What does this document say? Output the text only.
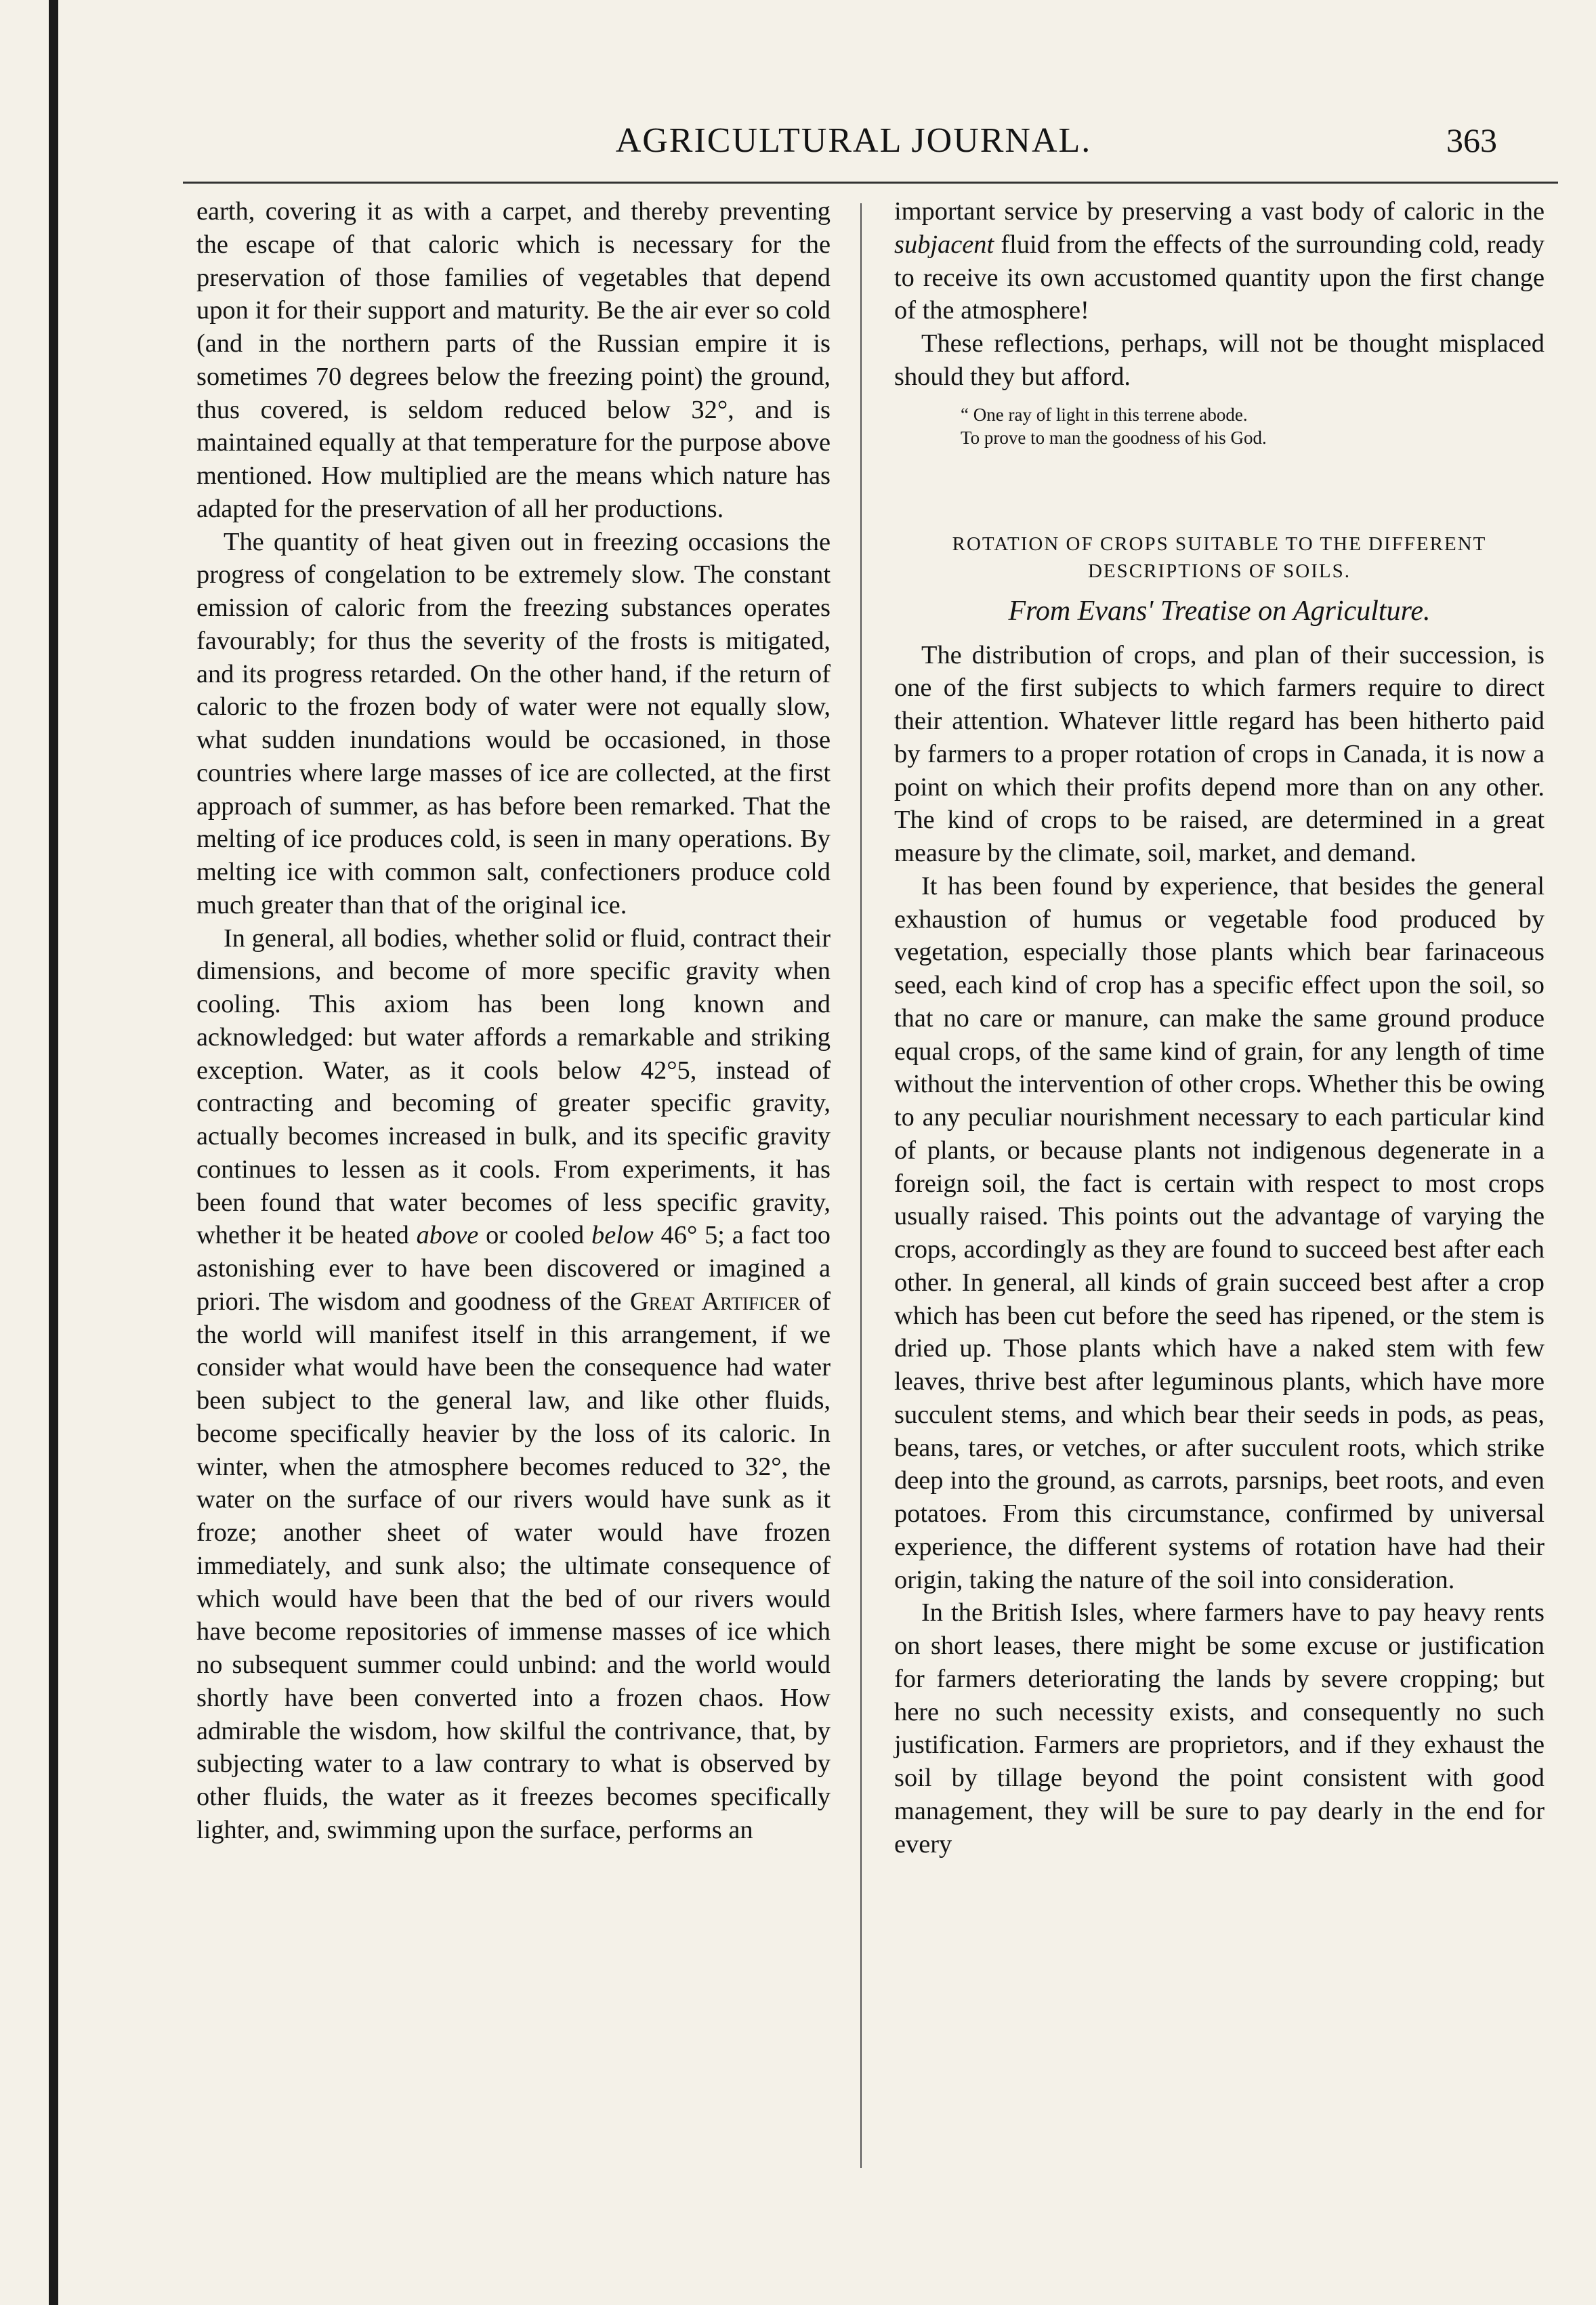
AGRICULTURAL JOURNAL.	363

earth, covering it as with a carpet, and thereby preventing the escape of that caloric which is necessary for the preservation of those families of vegetables that depend upon it for their support and maturity. Be the air ever so cold (and in the northern parts of the Russian empire it is sometimes 70 degrees below the freezing point) the ground, thus covered, is seldom reduced below 32°, and is maintained equally at that temperature for the purpose above mentioned. How multiplied are the means which nature has adapted for the preservation of all her productions.

The quantity of heat given out in freezing occasions the progress of congelation to be extremely slow. The constant emission of caloric from the freezing substances operates favourably; for thus the severity of the frosts is mitigated, and its progress retarded. On the other hand, if the return of caloric to the frozen body of water were not equally slow, what sudden inundations would be occasioned, in those countries where large masses of ice are collected, at the first approach of summer, as has before been remarked. That the melting of ice produces cold, is seen in many operations. By melting ice with common salt, confectioners produce cold much greater than that of the original ice.

In general, all bodies, whether solid or fluid, contract their dimensions, and become of more specific gravity when cooling. This axiom has been long known and acknowledged: but water affords a remarkable and striking exception. Water, as it cools below 42°5, instead of contracting and becoming of greater specific gravity, actually becomes increased in bulk, and its specific gravity continues to lessen as it cools. From experiments, it has been found that water becomes of less specific gravity, whether it be heated above or cooled below 46° 5; a fact too astonishing ever to have been discovered or imagined a priori. The wisdom and goodness of the Great Artificer of the world will manifest itself in this arrangement, if we consider what would have been the consequence had water been subject to the general law, and like other fluids, become specifically heavier by the loss of its caloric. In winter, when the atmosphere becomes reduced to 32°, the water on the surface of our rivers would have sunk as it froze; another sheet of water would have frozen immediately, and sunk also; the ultimate consequence of which would have been that the bed of our rivers would have become repositories of immense masses of ice which no subsequent summer could unbind: and the world would shortly have been converted into a frozen chaos. How admirable the wisdom, how skilful the contrivance, that, by subjecting water to a law contrary to what is observed by other fluids, the water as it freezes becomes specifically lighter, and, swimming upon the surface, performs an

important service by preserving a vast body of caloric in the subjacent fluid from the effects of the surrounding cold, ready to receive its own accustomed quantity upon the first change of the atmosphere!

These reflections, perhaps, will not be thought misplaced should they but afford.

“ One ray of light in this terrene abode.
To prove to man the goodness of his God.
ROTATION OF CROPS SUITABLE TO THE DIFFERENT
DESCRIPTIONS OF SOILS.
From Evans' Treatise on Agriculture.

The distribution of crops, and plan of their succession, is one of the first subjects to which farmers require to direct their attention. Whatever little regard has been hitherto paid by farmers to a proper rotation of crops in Canada, it is now a point on which their profits depend more than on any other. The kind of crops to be raised, are determined in a great measure by the climate, soil, market, and demand.

It has been found by experience, that besides the general exhaustion of humus or vegetable food produced by vegetation, especially those plants which bear farinaceous seed, each kind of crop has a specific effect upon the soil, so that no care or manure, can make the same ground produce equal crops, of the same kind of grain, for any length of time without the intervention of other crops. Whether this be owing to any peculiar nourishment necessary to each particular kind of plants, or because plants not indigenous degenerate in a foreign soil, the fact is certain with respect to most crops usually raised. This points out the advantage of varying the crops, accordingly as they are found to succeed best after each other. In general, all kinds of grain succeed best after a crop which has been cut before the seed has ripened, or the stem is dried up. Those plants which have a naked stem with few leaves, thrive best after leguminous plants, which have more succulent stems, and which bear their seeds in pods, as peas, beans, tares, or vetches, or after succulent roots, which strike deep into the ground, as carrots, parsnips, beet roots, and even potatoes. From this circumstance, confirmed by universal experience, the different systems of rotation have had their origin, taking the nature of the soil into consideration.

In the British Isles, where farmers have to pay heavy rents on short leases, there might be some excuse or justification for farmers deteriorating the lands by severe cropping; but here no such necessity exists, and consequently no such justification. Farmers are proprietors, and if they exhaust the soil by tillage beyond the point consistent with good management, they will be sure to pay dearly in the end for every
